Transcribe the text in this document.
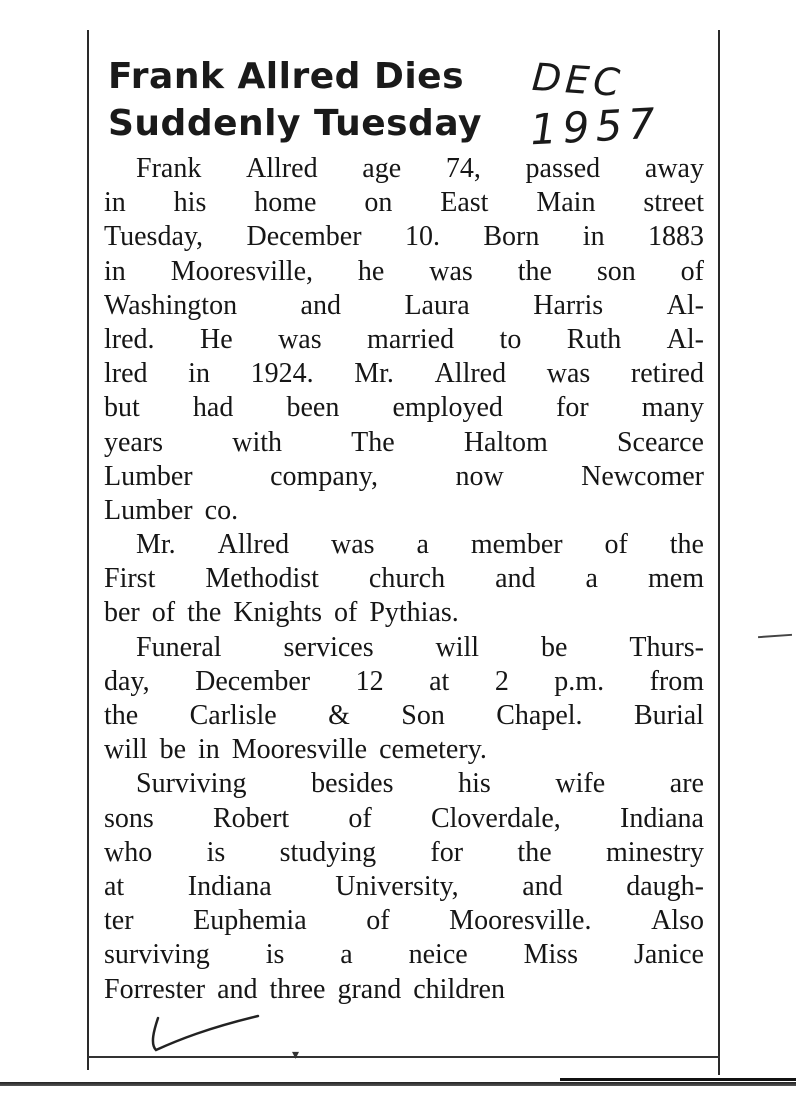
Frank Allred Dies
Suddenly Tuesday
DEC
1957
Frank Allred age 74, passed away
in his home on East Main street
Tuesday, December 10. Born in 1883
in Mooresville, he was the son of
Washington and Laura Harris Al-
lred. He was married to Ruth Al-
lred in 1924. Mr. Allred was retired
but had been employed for many
years with The Haltom Scearce
Lumber	company,	now	Newcomer
Lumber co.
Mr. Allred was a member of the
First Methodist church and a mem
ber of the Knights of Pythias.
Funeral services will be Thurs-
day, December 12 at 2 p.m. from
the Carlisle & Son Chapel. Burial
will be in Mooresville cemetery.
Surviving besides his wife are
sons Robert of Cloverdale, Indiana
who is studying for the minestry
at Indiana University, and daugh-
ter Euphemia of Mooresville. Also
surviving is a neice Miss Janice
Forrester and three grand children
▾
